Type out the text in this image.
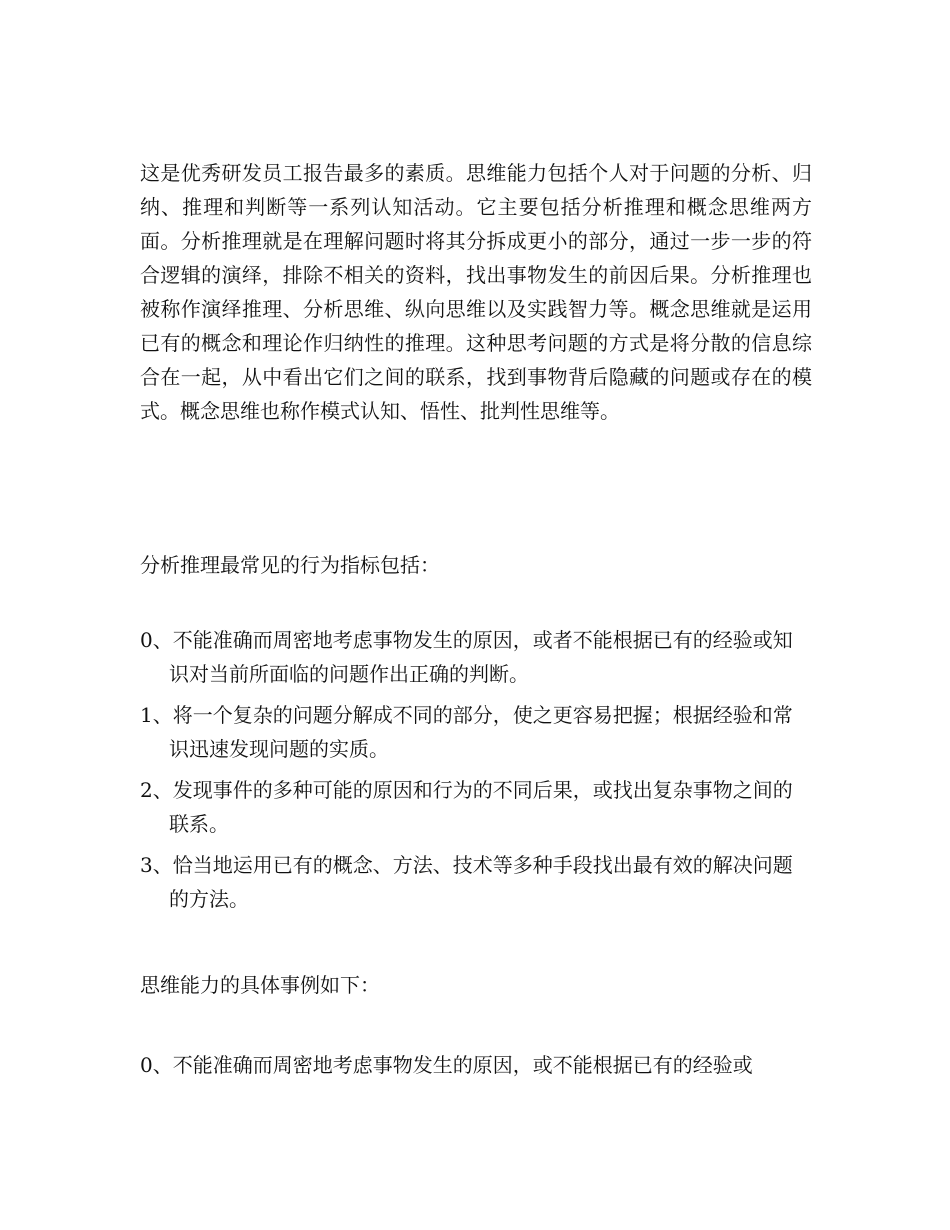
这是优秀研发员工报告最多的素质。思维能力包括个人对于问题的分析、归纳、推理和判断等一系列认知活动。它主要包括分析推理和概念思维两方面。分析推理就是在理解问题时将其分拆成更小的部分，通过一步一步的符合逻辑的演绎，排除不相关的资料，找出事物发生的前因后果。分析推理也被称作演绎推理、分析思维、纵向思维以及实践智力等。概念思维就是运用已有的概念和理论作归纳性的推理。这种思考问题的方式是将分散的信息综合在一起，从中看出它们之间的联系，找到事物背后隐藏的问题或存在的模式。概念思维也称作模式认知、悟性、批判性思维等。

分析推理最常见的行为指标包括：

0、不能准确而周密地考虑事物发生的原因，或者不能根据已有的经验或知识对当前所面临的问题作出正确的判断。
1、将一个复杂的问题分解成不同的部分，使之更容易把握；根据经验和常识迅速发现问题的实质。
2、发现事件的多种可能的原因和行为的不同后果，或找出复杂事物之间的联系。
3、恰当地运用已有的概念、方法、技术等多种手段找出最有效的解决问题的方法。

思维能力的具体事例如下：

0、不能准确而周密地考虑事物发生的原因，或不能根据已有的经验或
